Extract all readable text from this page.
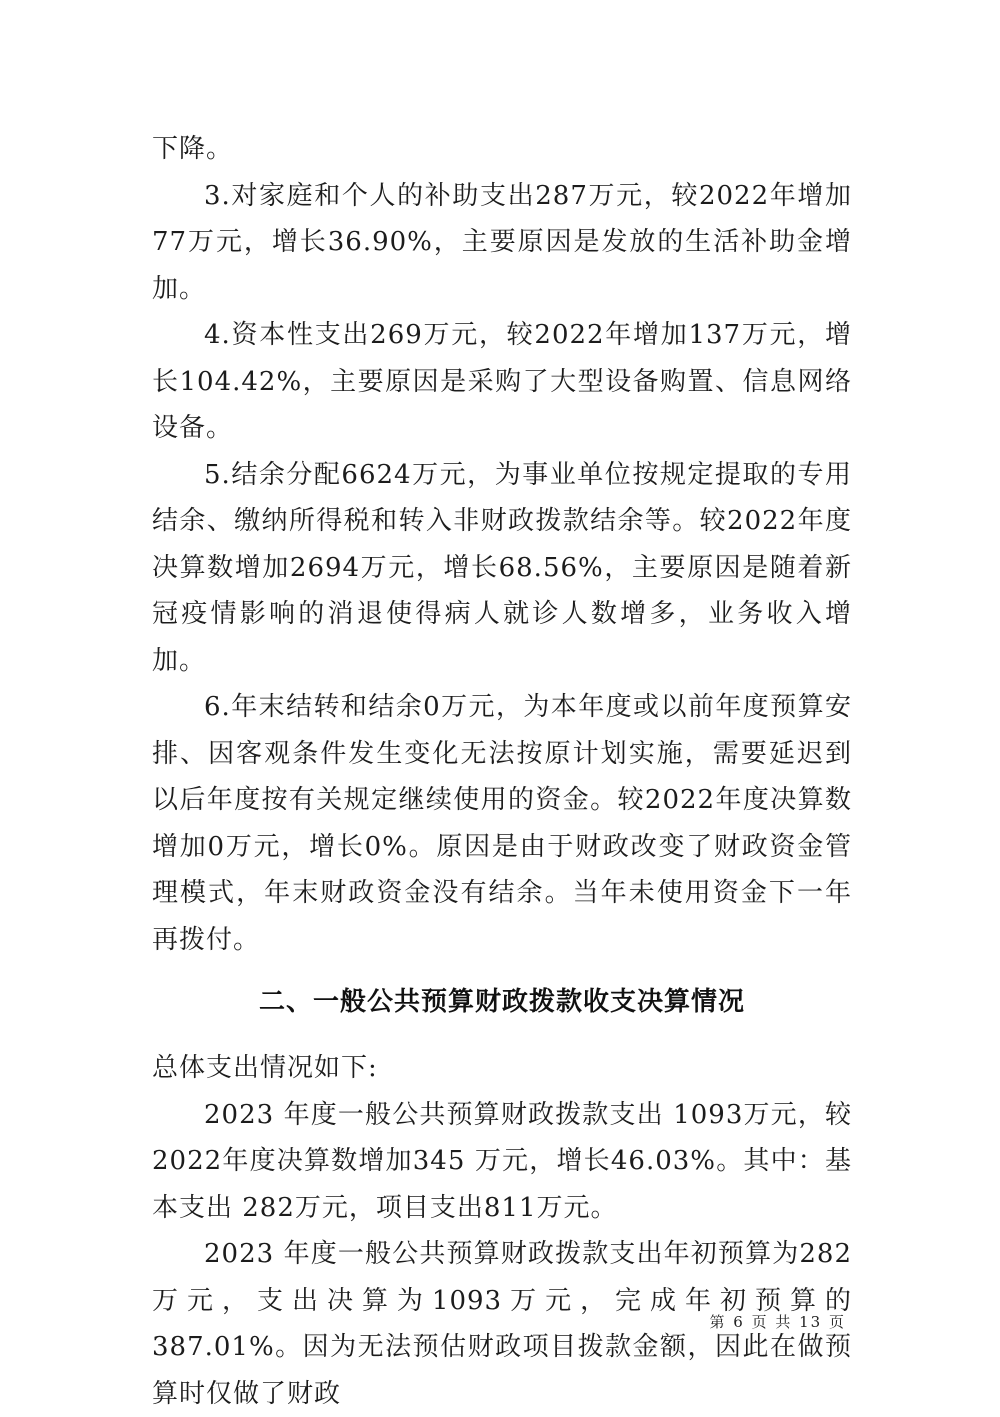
下降。

3.对家庭和个人的补助支出287万元，较2022年增加77万元，增长36.90%，主要原因是发放的生活补助金增加。

4.资本性支出269万元，较2022年增加137万元，增长104.42%，主要原因是采购了大型设备购置、信息网络设备。

5.结余分配6624万元，为事业单位按规定提取的专用结余、缴纳所得税和转入非财政拨款结余等。较2022年度决算数增加2694万元，增长68.56%，主要原因是随着新冠疫情影响的消退使得病人就诊人数增多，业务收入增加。

6.年末结转和结余0万元，为本年度或以前年度预算安排、因客观条件发生变化无法按原计划实施，需要延迟到以后年度按有关规定继续使用的资金。较2022年度决算数增加0万元，增长0%。原因是由于财政改变了财政资金管理模式，年末财政资金没有结余。当年未使用资金下一年再拨付。

二、一般公共预算财政拨款收支决算情况

总体支出情况如下:

2023 年度一般公共预算财政拨款支出 1093万元，较2022年度决算数增加345 万元，增长46.03%。其中：基本支出 282万元，项目支出811万元。

2023 年度一般公共预算财政拨款支出年初预算为282万元，支出决算为1093万元，完成年初预算的387.01%。因为无法预估财政项目拨款金额，因此在做预算时仅做了财政

第 6 页 共 13 页
